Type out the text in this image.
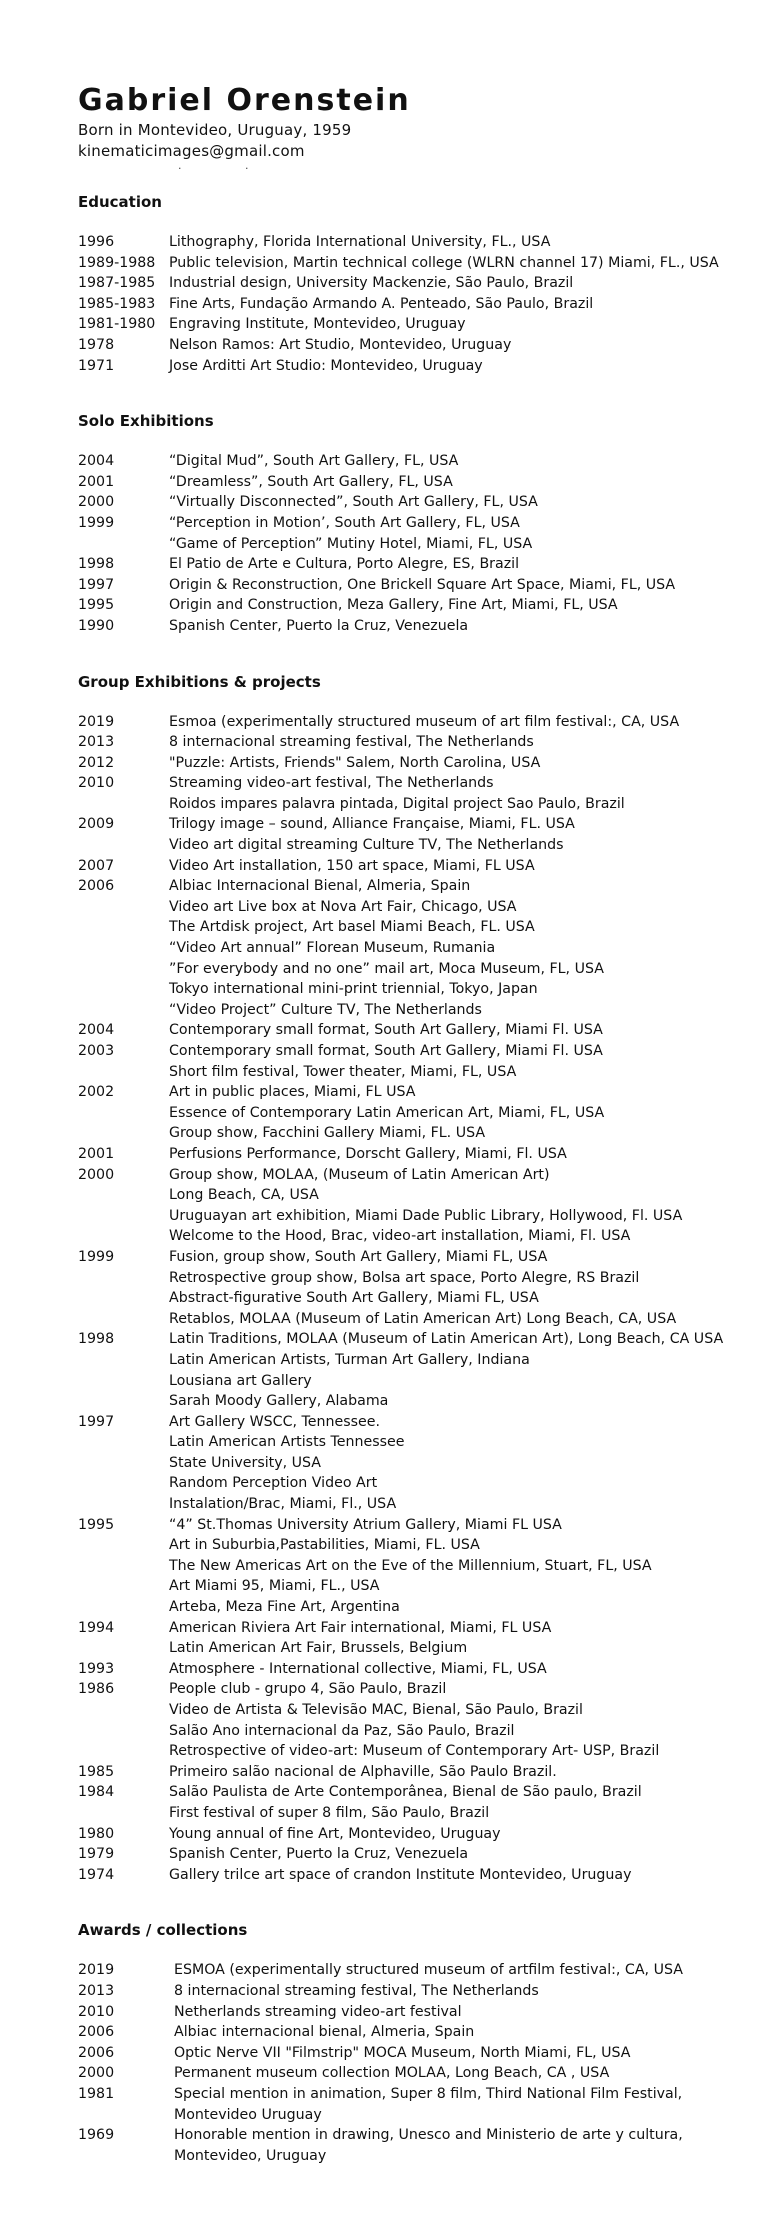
Gabriel Orenstein
Born in Montevideo, Uruguay, 1959
kinematicimages@gmail.com
· ·
Education
1996	Lithography, Florida International University, FL., USA
1989-1988 Public television, Martin technical college (WLRN channel 17) Miami, FL., USA
1987-1985 Industrial design, University Mackenzie, São Paulo, Brazil
1985-1983 Fine Arts, Fundação Armando A. Penteado, São Paulo, Brazil
1981-1980 Engraving Institute, Montevideo, Uruguay
1978	Nelson Ramos: Art Studio, Montevideo, Uruguay
1971	Jose Arditti Art Studio: Montevideo, Uruguay
Solo Exhibitions
2004	“Digital Mud”, South Art Gallery, FL, USA
2001	“Dreamless”, South Art Gallery, FL, USA
2000	“Virtually Disconnected”, South Art Gallery, FL, USA
1999	“Perception in Motion’, South Art Gallery, FL, USA
“Game of Perception” Mutiny Hotel, Miami, FL, USA
1998	El Patio de Arte e Cultura, Porto Alegre, ES, Brazil
1997	Origin & Reconstruction, One Brickell Square Art Space, Miami, FL, USA
1995	Origin and Construction, Meza Gallery, Fine Art, Miami, FL, USA
1990	Spanish Center, Puerto la Cruz, Venezuela
Group Exhibitions & projects
2019	Esmoa (experimentally structured museum of art film festival:, CA, USA
2013	8 internacional streaming festival, The Netherlands
2012	"Puzzle: Artists, Friends" Salem, North Carolina, USA
2010	Streaming video-art festival, The Netherlands
Roidos impares palavra pintada, Digital project Sao Paulo, Brazil
2009	Trilogy image – sound, Alliance Française, Miami, FL. USA
Video art digital streaming Culture TV, The Netherlands
2007	Video Art installation, 150 art space, Miami, FL USA
2006	Albiac Internacional Bienal, Almeria, Spain
Video art Live box at Nova Art Fair, Chicago, USA
The Artdisk project, Art basel Miami Beach, FL. USA
“Video Art annual” Florean Museum, Rumania
”For everybody and no one” mail art, Moca Museum, FL, USA
Tokyo international mini-print triennial, Tokyo, Japan
“Video Project” Culture TV, The Netherlands
2004	Contemporary small format, South Art Gallery, Miami Fl. USA
2003	Contemporary small format, South Art Gallery, Miami Fl. USA
Short film festival, Tower theater, Miami, FL, USA
2002	Art in public places, Miami, FL USA
Essence of Contemporary Latin American Art, Miami, FL, USA
Group show, Facchini Gallery Miami, FL. USA
2001	Perfusions Performance, Dorscht Gallery, Miami, Fl. USA
2000	Group show, MOLAA, (Museum of Latin American Art)
Long Beach, CA, USA
Uruguayan art exhibition, Miami Dade Public Library, Hollywood, Fl. USA
Welcome to the Hood, Brac, video-art installation, Miami, Fl. USA
1999	Fusion, group show, South Art Gallery, Miami FL, USA
Retrospective group show, Bolsa art space, Porto Alegre, RS Brazil
Abstract-figurative South Art Gallery, Miami FL, USA
Retablos, MOLAA (Museum of Latin American Art) Long Beach, CA, USA
1998	Latin Traditions, MOLAA (Museum of Latin American Art), Long Beach, CA USA
Latin American Artists, Turman Art Gallery, Indiana
Lousiana art Gallery
Sarah Moody Gallery, Alabama
1997	Art Gallery WSCC, Tennessee.
Latin American Artists Tennessee
State University, USA
Random Perception Video Art
Instalation/Brac, Miami, Fl., USA
1995	“4” St.Thomas University Atrium Gallery, Miami FL USA
Art in Suburbia,Pastabilities, Miami, FL. USA
The New Americas Art on the Eve of the Millennium, Stuart, FL, USA
Art Miami 95, Miami, FL., USA
Arteba, Meza Fine Art, Argentina
1994	American Riviera Art Fair international, Miami, FL USA
Latin American Art Fair, Brussels, Belgium
1993	Atmosphere - International collective, Miami, FL, USA
1986	People club - grupo 4, São Paulo, Brazil
Video de Artista & Televisão MAC, Bienal, São Paulo, Brazil
Salão Ano internacional da Paz, São Paulo, Brazil
Retrospective of video-art: Museum of Contemporary Art- USP, Brazil
1985	Primeiro salão nacional de Alphaville, São Paulo Brazil.
1984	Salão Paulista de Arte Contemporânea, Bienal de São paulo, Brazil
First festival of super 8 film, São Paulo, Brazil
1980	Young annual of fine Art, Montevideo, Uruguay
1979	Spanish Center, Puerto la Cruz, Venezuela
1974	Gallery trilce art space of crandon Institute Montevideo, Uruguay
Awards / collections
2019	ESMOA (experimentally structured museum of artfilm festival:, CA, USA
2013	8 internacional streaming festival, The Netherlands
2010	Netherlands streaming video-art festival
2006	Albiac internacional bienal, Almeria, Spain
2006	Optic Nerve VII "Filmstrip" MOCA Museum, North Miami, FL, USA
2000	Permanent museum collection MOLAA, Long Beach, CA , USA
1981	Special mention in animation, Super 8 film, Third National Film Festival, Montevideo Uruguay
1969	Honorable mention in drawing, Unesco and Ministerio de arte y cultura, Montevideo, Uruguay
